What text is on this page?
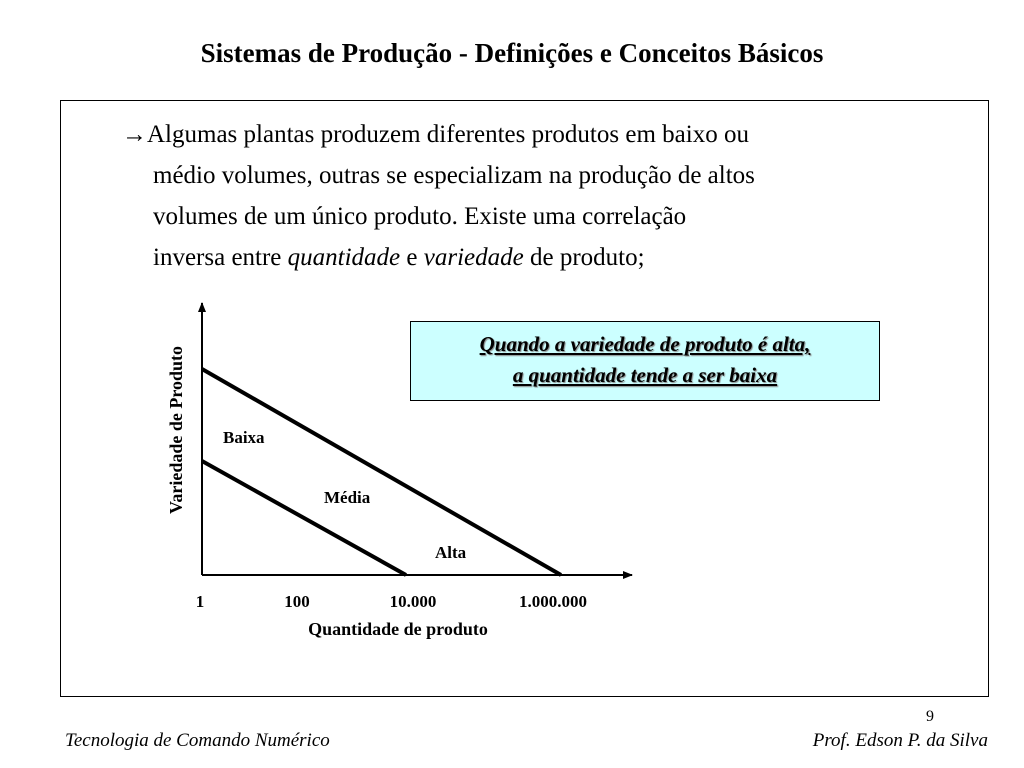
Sistemas de Produção - Definições e Conceitos Básicos
→Algumas plantas produzem diferentes produtos em baixo ou
médio volumes, outras se especializam na produção de altos
volumes de um único produto. Existe uma correlação
inversa entre quantidade e variedade de produto;
Variedade de Produto Baixa
Média
Alta
1	100	10.000	1.000.000
Quantidade de produto
Quando a variedade de produto é alta,
a quantidade tende a ser baixa
9
Tecnologia de Comando Numérico	Prof. Edson P. da Silva
